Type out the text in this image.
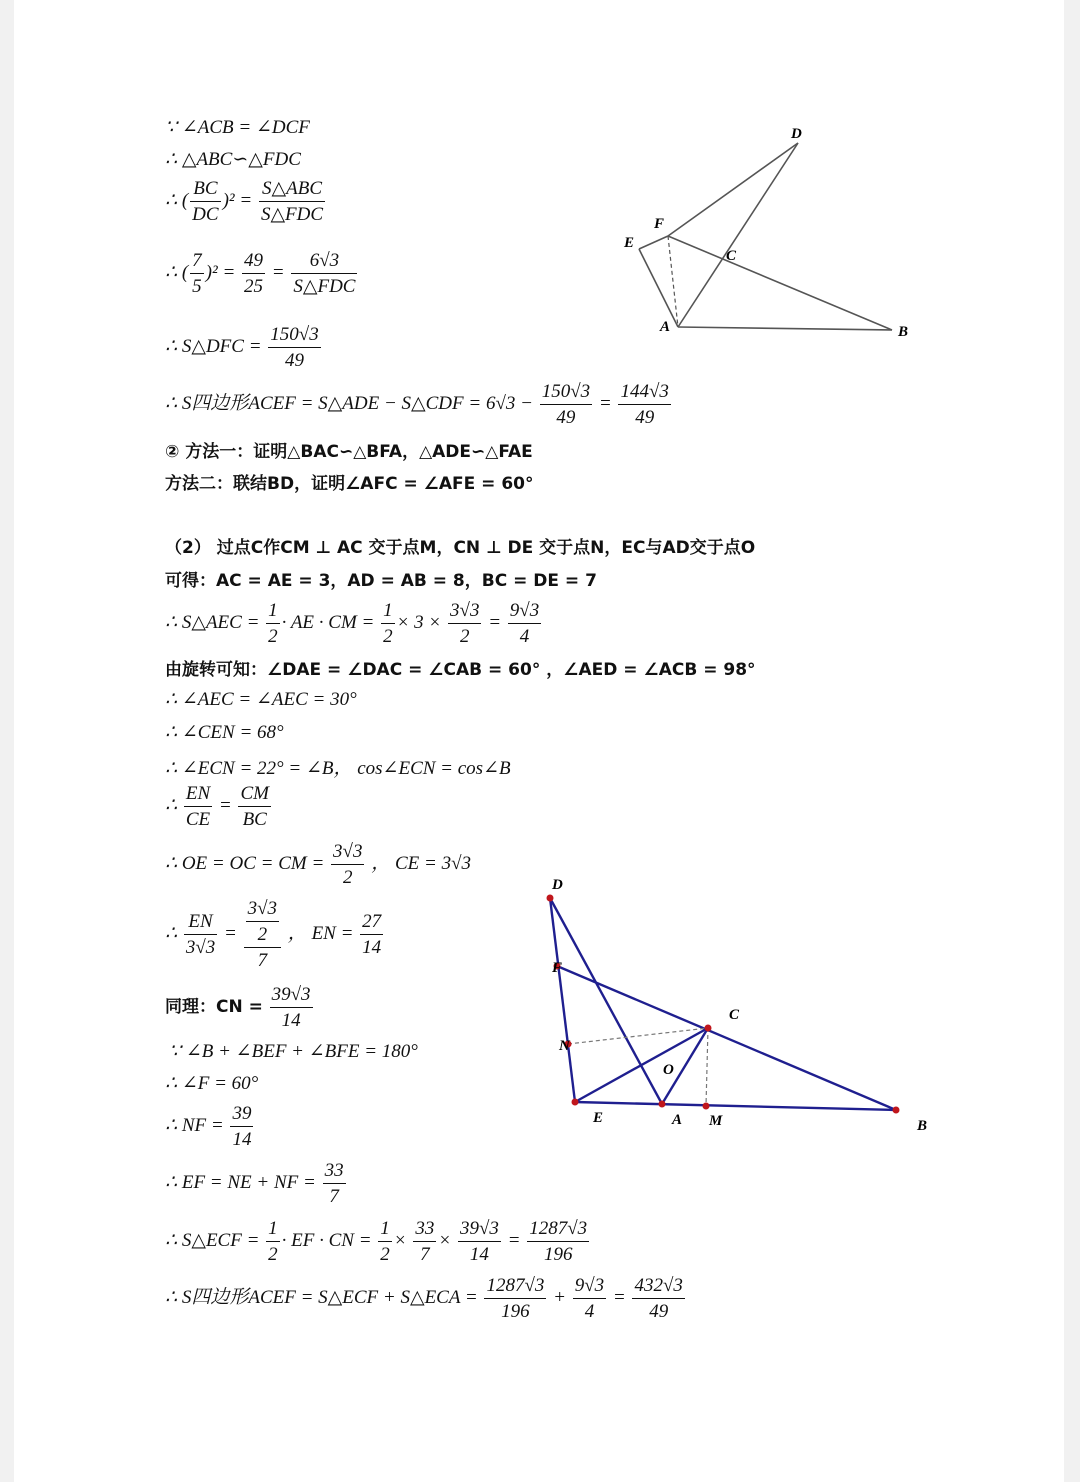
∵ ∠ACB = ∠DCF
∴ △ABC∽△FDC
∴ ( $\frac{BC}{DC} )^2 = \frac{\text{S△ABC}}{\text{S△FDC}}$
∴ ( $\frac{7}{5} )^2 = \frac{49}{25} = \frac{6√3}{\text{S△FDC}}$
∴ S△DFC = $\frac{150√3}{49}$
∴ S四边形ACEF = S△ADE − S△CDF = $6√3 - \frac{150√3}{49} = \frac{144√3}{49}$
② 方法一：证明△BAC∽△BFA，△ADE∽△FAE
方法二：联结BD，证明∠AFC = ∠AFE = 60°
D
E
F
C
A	B
（2） 过点C作CM ⊥ AC 交于点M，CN ⊥ DE 交于点N，EC与AD交于点O
可得：AC = AE = 3，AD = AB = 8，BC = DE = 7
∴ S△AEC = $\frac{1}{2}$ · AE · CM = $\frac{1}{2} \times 3 \times \frac{3√3}{2} = \frac{9√3}{4}$
由旋转可知：∠DAE = ∠DAC = ∠CAB = 60° ，∠AED = ∠ACB = 98°
∴ ∠AEC = ∠AEC = 30°
∴ ∠CEN = 68°
∴ ∠ECN = 22° = ∠B， cos∠ECN = cos∠B
∴ $\frac{EN}{CE} = \frac{CM}{BC}$
∴ OE = OC = CM = $\frac{3√3}{2}$ ， CE = 3√3
∴ $\frac{EN}{3√3} = \frac{\frac{3√3}{2}}{7}$ ， EN = $\frac{27}{14}$
同理：CN = $\frac{39√3}{14}$
∵ ∠B + ∠BEF + ∠BFE = 180°
∴ ∠F = 60°
∴ NF = $\frac{39}{14}$
∴ EF = NE + NF = $\frac{33}{7}$
∴ S△ECF = $\frac{1}{2}$ · EF · CN = $\frac{1}{2} \times \frac{33}{7} \times \frac{39√3}{14} = \frac{1287√3}{196}$
∴ S四边形ACEF = S△ECF + S△ECA = $\frac{1287√3}{196} + \frac{9√3}{4} = \frac{432√3}{49}$
D
F
N
C
O
E	A M	B
